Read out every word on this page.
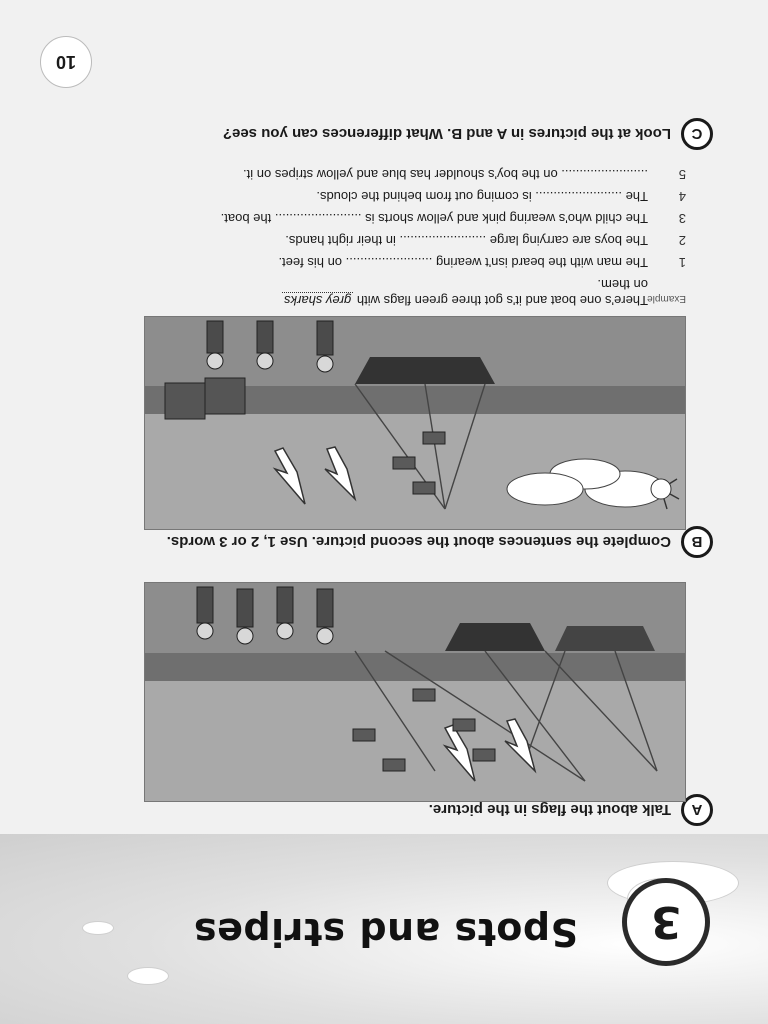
3
Spots and stripes
A
Talk about the flags in the picture.
B
Complete the sentences about the second picture. Use 1, 2 or 3 words.
Example
There's one boat and it's got three green flags with grey sharks
on them.
1
The man with the beard isn't wearing ........................ on his feet.
2
The boys are carrying large ........................ in their right hands.
3
The child who's wearing pink and yellow shorts is ........................ the boat.
4
The ........................ is coming out from behind the clouds.
5
........................ on the boy's shoulder has blue and yellow stripes on it.
C
Look at the pictures in A and B. What differences can you see?
10
